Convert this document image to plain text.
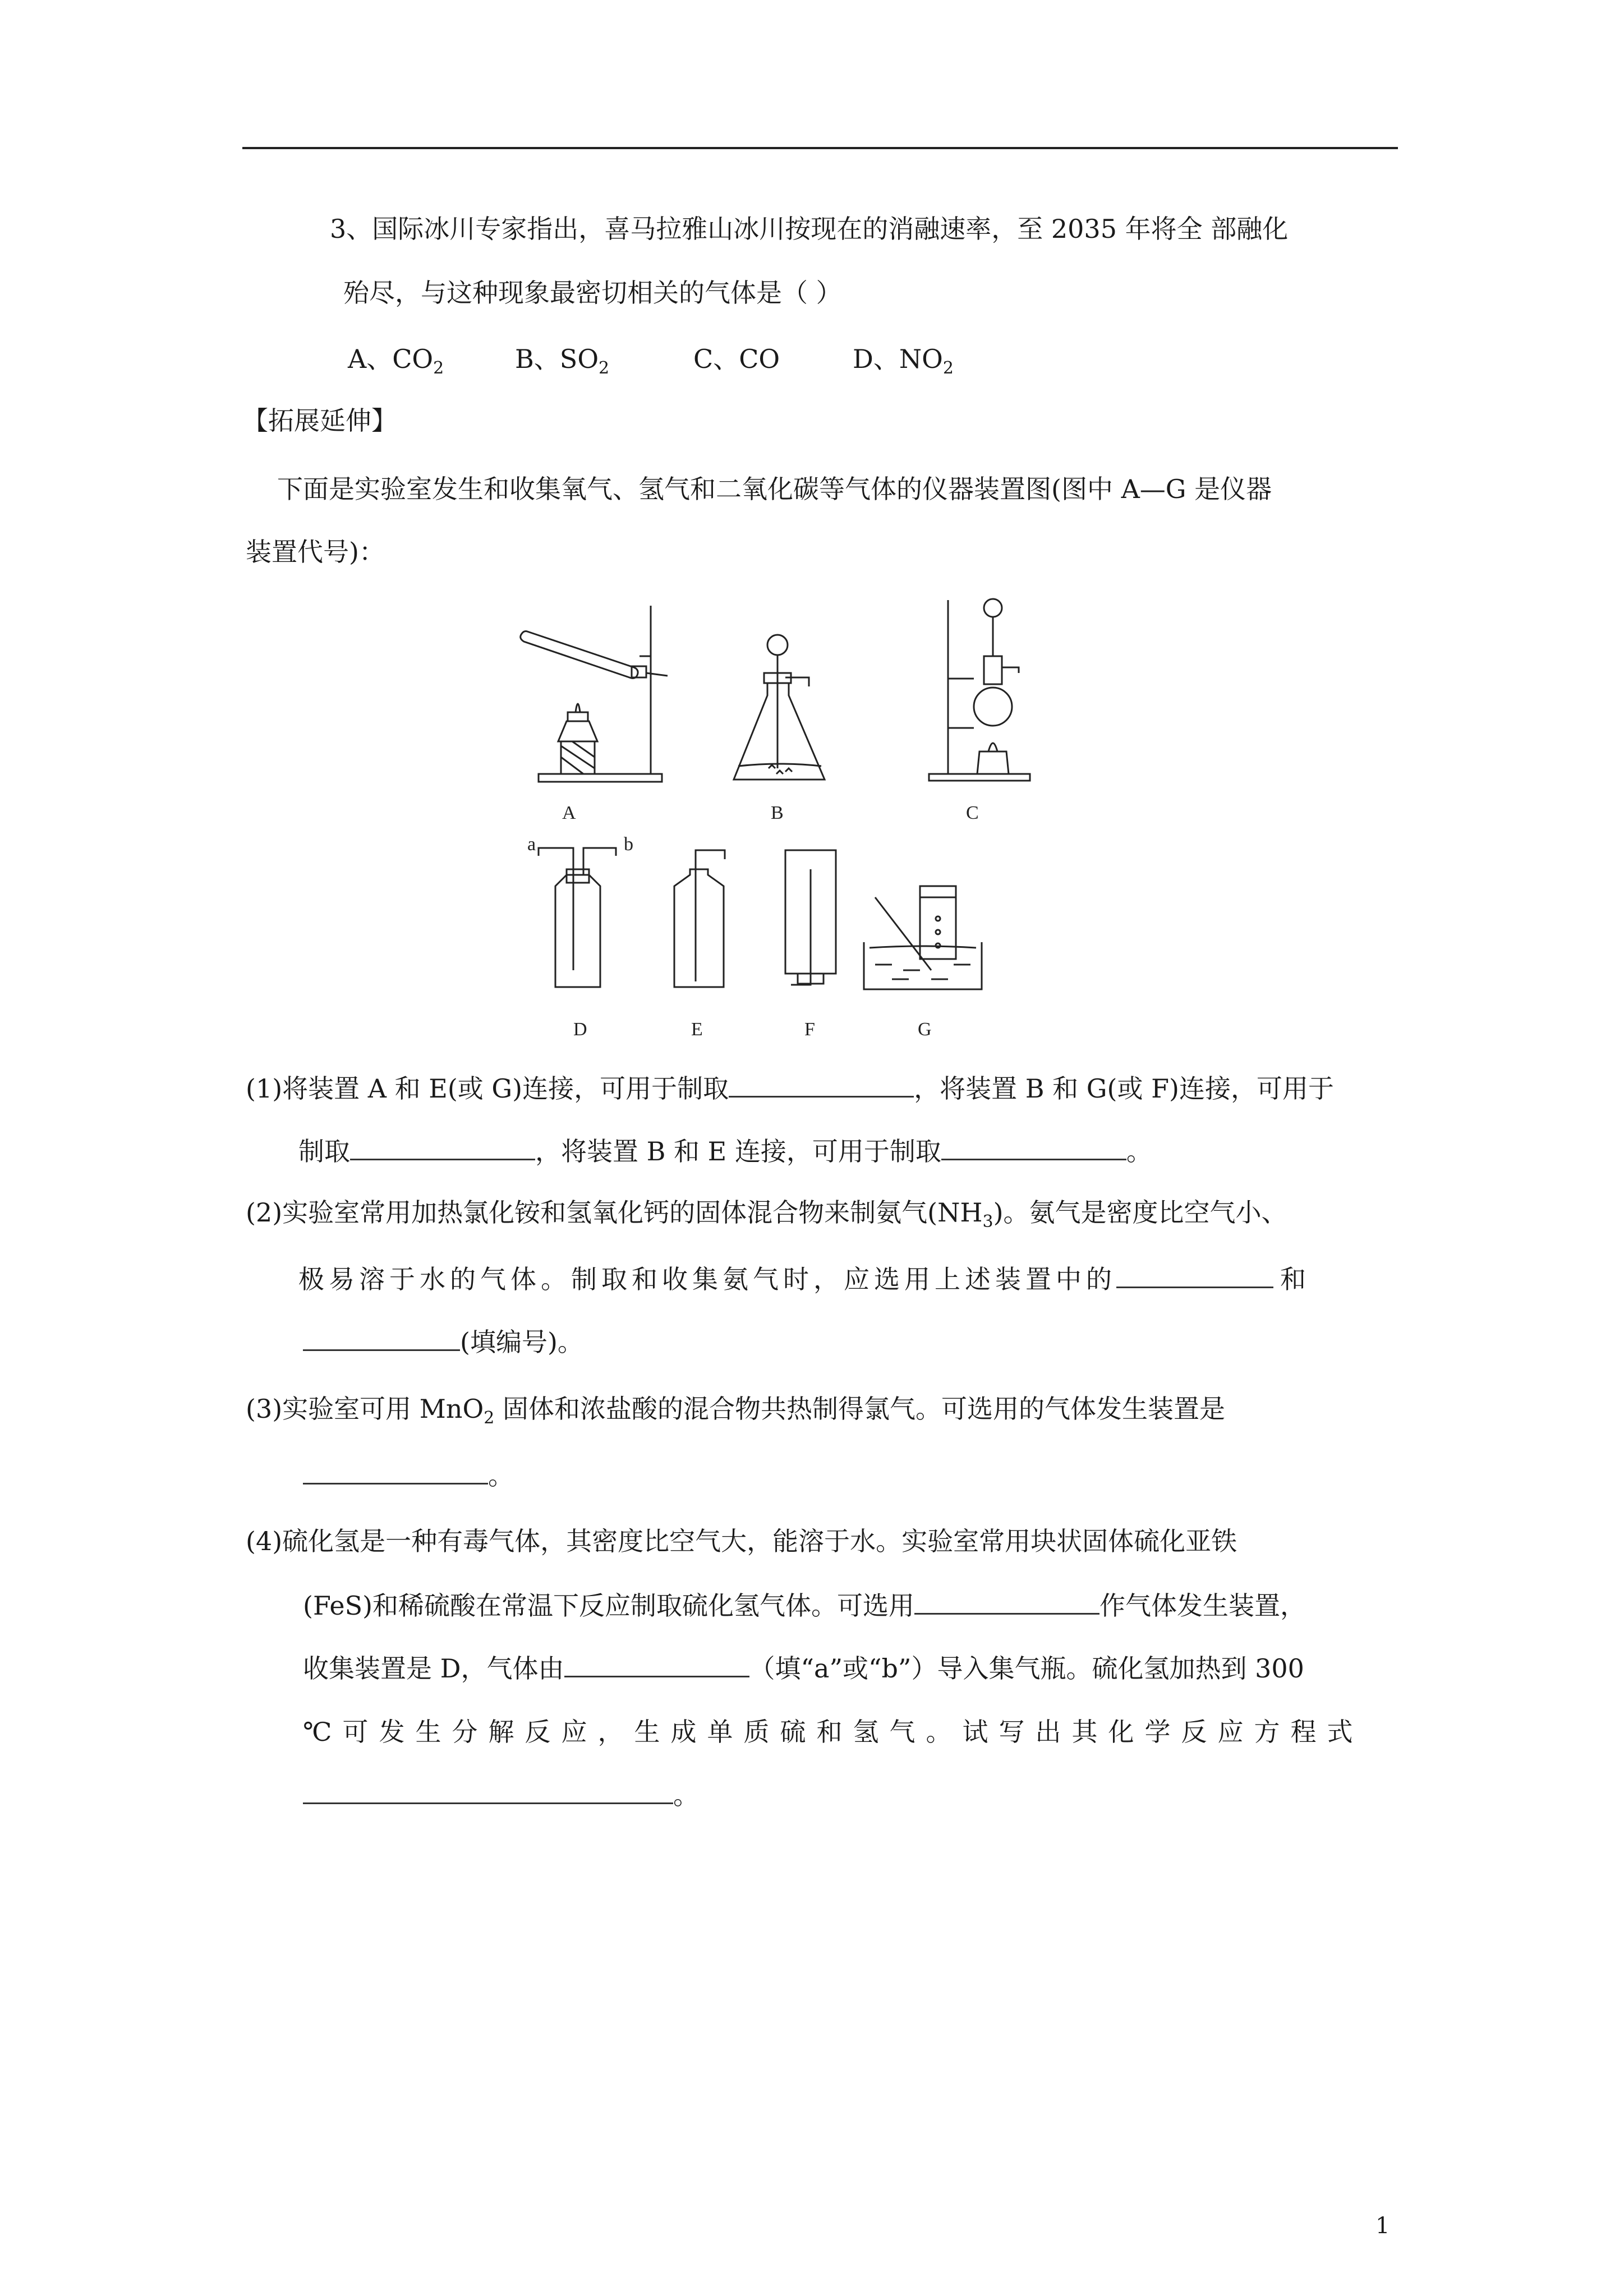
3、国际冰川专家指出，喜马拉雅山冰川按现在的消融速率，至 2035 年将全 部融化
殆尽，与这种现象最密切相关的气体是（ ）
A、$CO_2$	B、$SO_2$	C、CO	D、$NO_2$
【拓展延伸】
下面是实验室发生和收集氧气、氢气和二氧化碳等气体的仪器装置图(图中 A—G 是仪器
装置代号)：
A	B	C
a	b
D	E	F	G
(1)将装置 A 和 E(或 G)连接，可用于制取	，将装置 B 和 G(或 F)连接，可用于
制取	，将装置 B 和 E 连接，可用于制取	。
(2)实验室常用加热氯化铵和氢氧化钙的固体混合物来制氨气$(NH_3)$。氨气是密度比空气小、
极易溶于水的气体。制取和收集氨气时，应选用上述装置中的	和
(填编号)。
(3)实验室可用 MnO$_2$ 固体和浓盐酸的混合物共热制得氯气。可选用的气体发生装置是
。
(4)硫化氢是一种有毒气体，其密度比空气大，能溶于水。实验室常用块状固体硫化亚铁
(FeS)和稀硫酸在常温下反应制取硫化氢气体。可选用	作气体发生装置，
收集装置是 D，气体由	（填“a”或“b”）导入集气瓶。硫化氢加热到 300
℃可发生分解反应，生成单质硫和氢气。试写出其化学反应方程式
。
1
